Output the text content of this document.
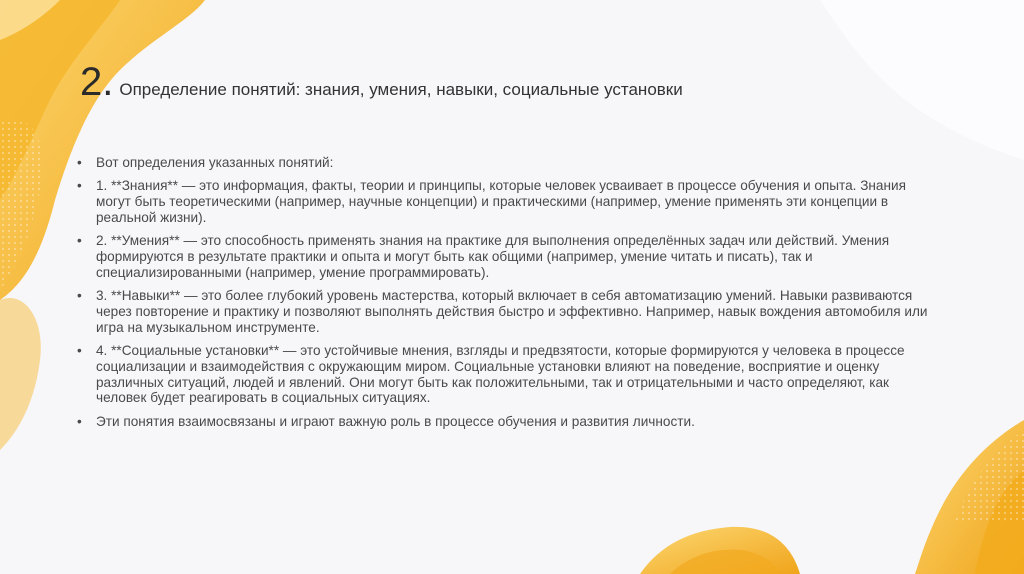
2. Определение понятий: знания, умения, навыки, социальные установки
• Вот определения указанных понятий:
• 1. **Знания** — это информация, факты, теории и принципы, которые человек усваивает в процессе обучения и опыта. Знания могут быть теоретическими (например, научные концепции) и практическими (например, умение применять эти концепции в реальной жизни).
• 2. **Умения** — это способность применять знания на практике для выполнения определённых задач или действий. Умения формируются в результате практики и опыта и могут быть как общими (например, умение читать и писать), так и специализированными (например, умение программировать).
• 3. **Навыки** — это более глубокий уровень мастерства, который включает в себя автоматизацию умений. Навыки развиваются через повторение и практику и позволяют выполнять действия быстро и эффективно. Например, навык вождения автомобиля или игра на музыкальном инструменте.
• 4. **Социальные установки** — это устойчивые мнения, взгляды и предвзятости, которые формируются у человека в процессе социализации и взаимодействия с окружающим миром. Социальные установки влияют на поведение, восприятие и оценку различных ситуаций, людей и явлений. Они могут быть как положительными, так и отрицательными и часто определяют, как человек будет реагировать в социальных ситуациях.
• Эти понятия взаимосвязаны и играют важную роль в процессе обучения и развития личности.
